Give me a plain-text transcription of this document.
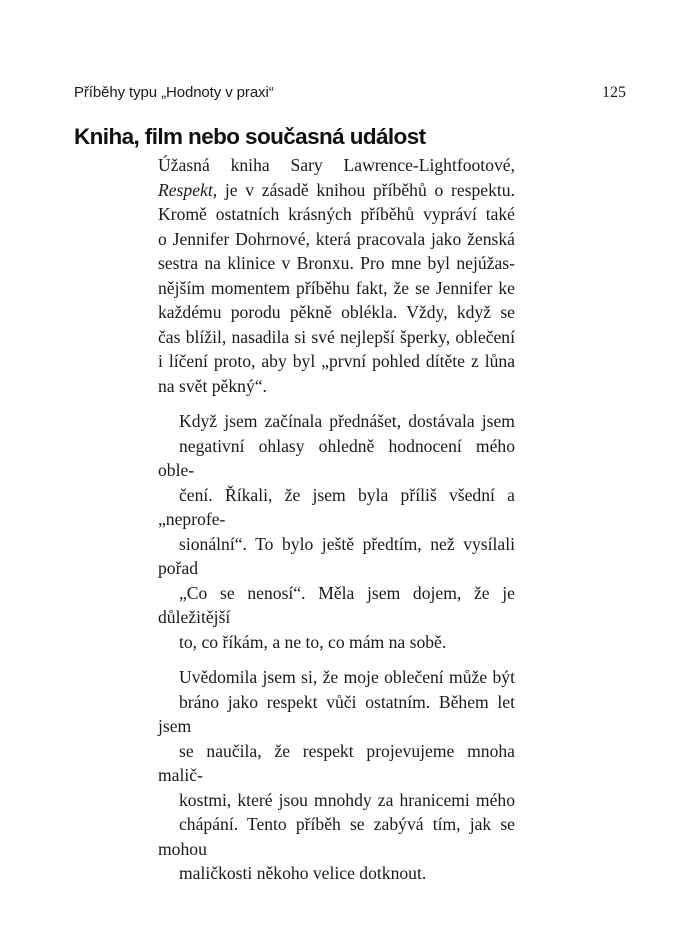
Příběhy typu „Hodnoty v praxi“	125
Kniha, film nebo současná událost

Úžasná kniha Sary Lawrence-Lightfootové,
Respekt, je v zásadě knihou příběhů o respektu.
Kromě ostatních krásných příběhů vypráví také
o Jennifer Dohrnové, která pracovala jako ženská
sestra na klinice v Bronxu. Pro mne byl nejúžas-
nějším momentem příběhu fakt, že se Jennifer ke
každému porodu pěkně oblékla. Vždy, když se
čas blížil, nasadila si své nejlepší šperky, oblečení
i líčení proto, aby byl „první pohled dítěte z lůna
na svět pěkný“.

Když jsem začínala přednášet, dostávala jsem
negativní ohlasy ohledně hodnocení mého oble-
čení. Říkali, že jsem byla příliš všední a „neprofe-
sionální“. To bylo ještě předtím, než vysílali pořad
„Co se nenosí“. Měla jsem dojem, že je důležitější
to, co říkám, a ne to, co mám na sobě.

Uvědomila jsem si, že moje oblečení může být
bráno jako respekt vůči ostatním. Během let jsem
se naučila, že respekt projevujeme mnoha malič-
kostmi, které jsou mnohdy za hranicemi mého
chápání. Tento příběh se zabývá tím, jak se mohou
maličkosti někoho velice dotknout.
